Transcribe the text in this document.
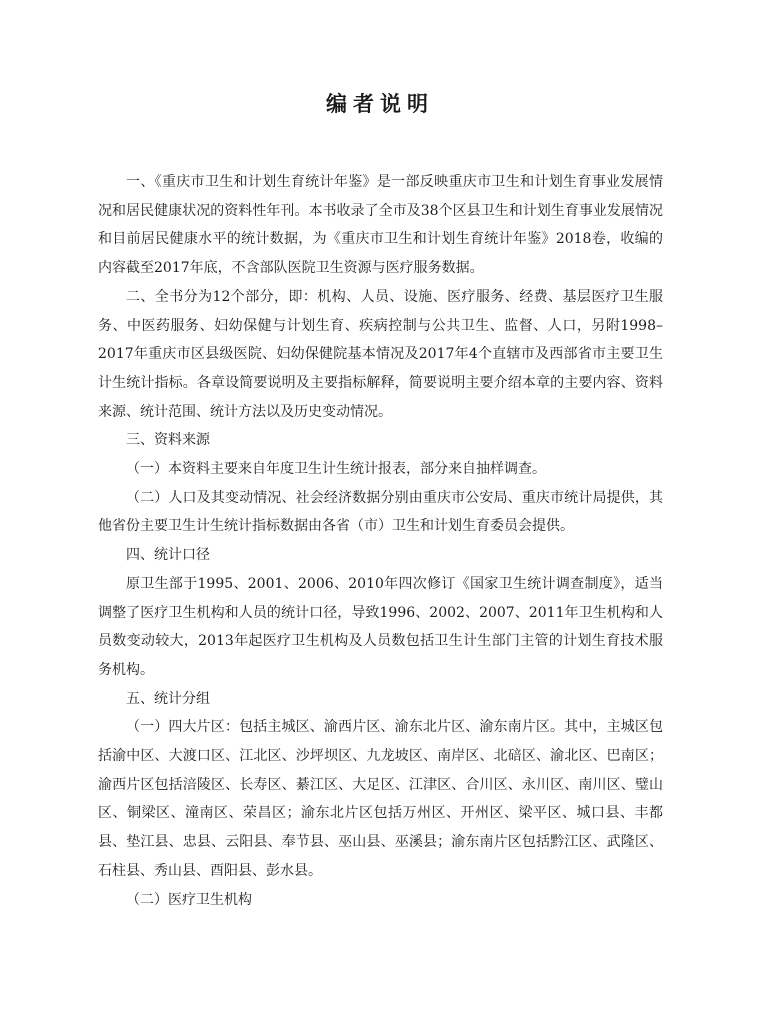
编者说明

一、《重庆市卫生和计划生育统计年鉴》是一部反映重庆市卫生和计划生育事业发展情况和居民健康状况的资料性年刊。本书收录了全市及38个区县卫生和计划生育事业发展情况和目前居民健康水平的统计数据，为《重庆市卫生和计划生育统计年鉴》2018卷，收编的内容截至2017年底，不含部队医院卫生资源与医疗服务数据。

二、全书分为12个部分，即：机构、人员、设施、医疗服务、经费、基层医疗卫生服务、中医药服务、妇幼保健与计划生育、疾病控制与公共卫生、监督、人口，另附1998–2017年重庆市区县级医院、妇幼保健院基本情况及2017年4个直辖市及西部省市主要卫生计生统计指标。各章设简要说明及主要指标解释，简要说明主要介绍本章的主要内容、资料来源、统计范围、统计方法以及历史变动情况。

三、资料来源

（一）本资料主要来自年度卫生计生统计报表，部分来自抽样调查。

（二）人口及其变动情况、社会经济数据分别由重庆市公安局、重庆市统计局提供，其他省份主要卫生计生统计指标数据由各省（市）卫生和计划生育委员会提供。

四、统计口径

原卫生部于1995、2001、2006、2010年四次修订《国家卫生统计调查制度》，适当调整了医疗卫生机构和人员的统计口径，导致1996、2002、2007、2011年卫生机构和人员数变动较大，2013年起医疗卫生机构及人员数包括卫生计生部门主管的计划生育技术服务机构。

五、统计分组

（一）四大片区：包括主城区、渝西片区、渝东北片区、渝东南片区。其中，主城区包括渝中区、大渡口区、江北区、沙坪坝区、九龙坡区、南岸区、北碚区、渝北区、巴南区；渝西片区包括涪陵区、长寿区、綦江区、大足区、江津区、合川区、永川区、南川区、璧山区、铜梁区、潼南区、荣昌区；渝东北片区包括万州区、开州区、梁平区、城口县、丰都县、垫江县、忠县、云阳县、奉节县、巫山县、巫溪县；渝东南片区包括黔江区、武隆区、石柱县、秀山县、酉阳县、彭水县。

（二）医疗卫生机构
